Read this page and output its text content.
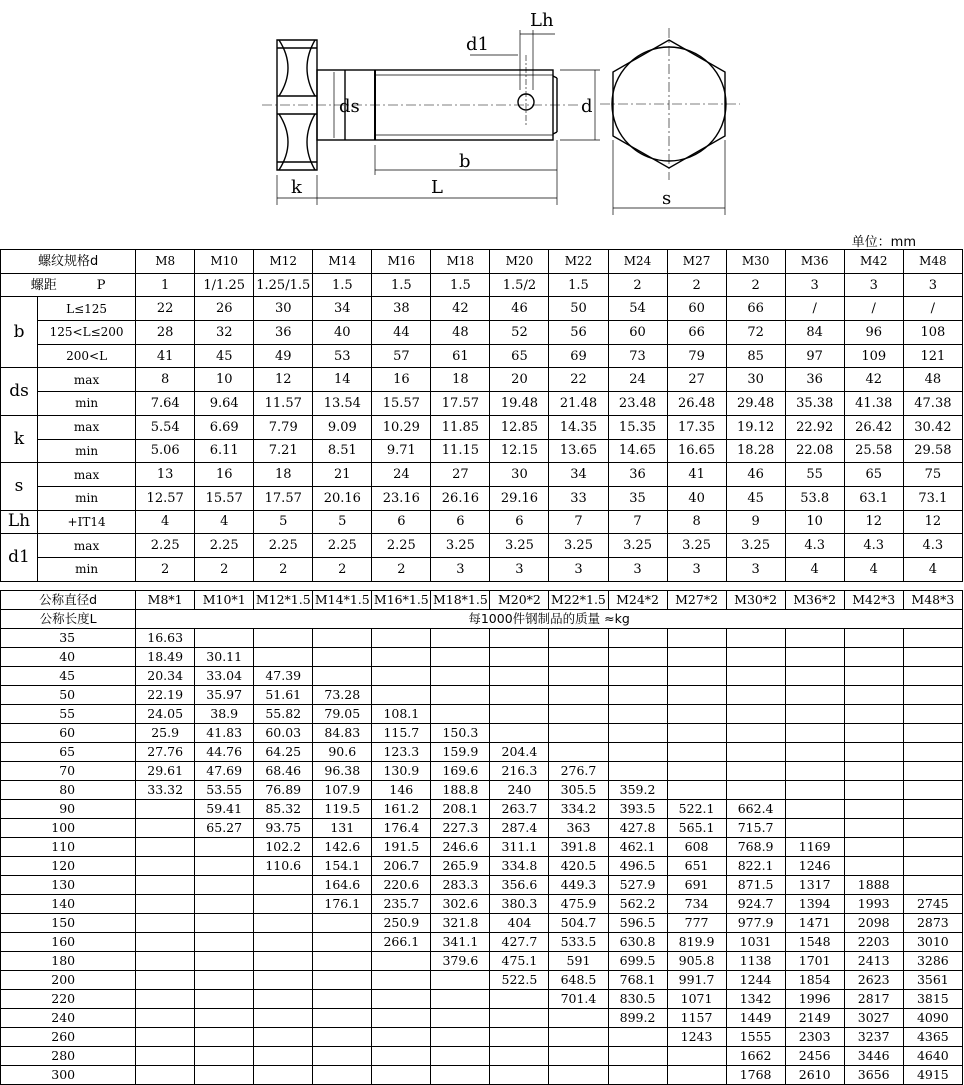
Lh
d1
ds	d
b
k	L
s
单位：mm
螺纹规格d		M8	M10	M12	M14	M16	M18	M20	M22	M24	M27	M30	M36	M42	M48
螺距 P		1	1/1.25	1.25/1.5	1.5	1.5	1.5	1.5/2	1.5	2	2	2	3	3	3
b	L≤125	22	26	30	34	38	42	46	50	54	60	66	/	/	/
	125<L≤200	28	32	36	40	44	48	52	56	60	66	72	84	96	108
	200<L	41	45	49	53	57	61	65	69	73	79	85	97	109	121
ds	max	8	10	12	14	16	18	20	22	24	27	30	36	42	48
	min	7.64	9.64	11.57	13.54	15.57	17.57	19.48	21.48	23.48	26.48	29.48	35.38	41.38	47.38
k	max	5.54	6.69	7.79	9.09	10.29	11.85	12.85	14.35	15.35	17.35	19.12	22.92	26.42	30.42
	min	5.06	6.11	7.21	8.51	9.71	11.15	12.15	13.65	14.65	16.65	18.28	22.08	25.58	29.58
s	max	13	16	18	21	24	27	30	34	36	41	46	55	65	75
	min	12.57	15.57	17.57	20.16	23.16	26.16	29.16	33	35	40	45	53.8	63.1	73.1
Lh	+IT14	4	4	5	5	6	6	6	7	7	8	9	10	12	12
d1	max	2.25	2.25	2.25	2.25	2.25	3.25	3.25	3.25	3.25	3.25	3.25	4.3	4.3	4.3
	min	2	2	2	2	2	3	3	3	3	3	3	4	4	4
公称直径d	M8*1	M10*1	M12*1.5	M14*1.5	M16*1.5	M18*1.5	M20*2	M22*1.5	M24*2	M27*2	M30*2	M36*2	M42*3	M48*3
公称长度L	每1000件钢制品的质量 ≈kg													
35	16.63													
40	18.49	30.11												
45	20.34	33.04	47.39											
50	22.19	35.97	51.61	73.28										
55	24.05	38.9	55.82	79.05	108.1									
60	25.9	41.83	60.03	84.83	115.7	150.3								
65	27.76	44.76	64.25	90.6	123.3	159.9	204.4							
70	29.61	47.69	68.46	96.38	130.9	169.6	216.3	276.7						
80	33.32	53.55	76.89	107.9	146	188.8	240	305.5	359.2					
90		59.41	85.32	119.5	161.2	208.1	263.7	334.2	393.5	522.1	662.4			
100		65.27	93.75	131	176.4	227.3	287.4	363	427.8	565.1	715.7			
110			102.2	142.6	191.5	246.6	311.1	391.8	462.1	608	768.9	1169		
120			110.6	154.1	206.7	265.9	334.8	420.5	496.5	651	822.1	1246		
130				164.6	220.6	283.3	356.6	449.3	527.9	691	871.5	1317	1888	
140				176.1	235.7	302.6	380.3	475.9	562.2	734	924.7	1394	1993	2745
150					250.9	321.8	404	504.7	596.5	777	977.9	1471	2098	2873
160					266.1	341.1	427.7	533.5	630.8	819.9	1031	1548	2203	3010
180						379.6	475.1	591	699.5	905.8	1138	1701	2413	3286
200							522.5	648.5	768.1	991.7	1244	1854	2623	3561
220								701.4	830.5	1071	1342	1996	2817	3815
240									899.2	1157	1449	2149	3027	4090
260										1243	1555	2303	3237	4365
280											1662	2456	3446	4640
300											1768	2610	3656	4915
